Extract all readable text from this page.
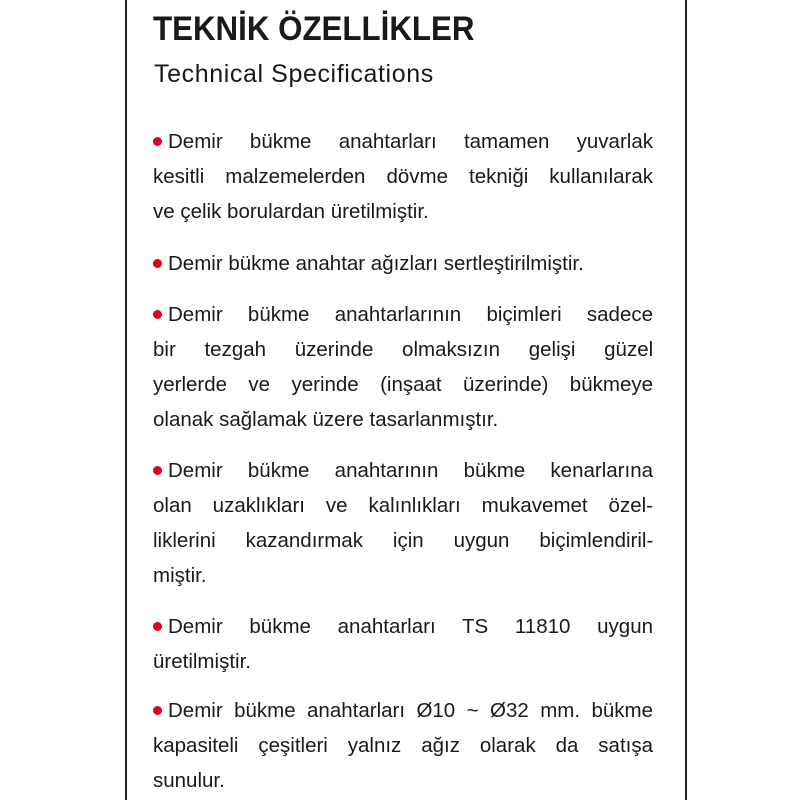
TEKNİK ÖZELLİKLER
Technical Specifications
Demir bükme anahtarları tamamen yuvarlak
kesitli malzemelerden dövme tekniği kullanılarak
ve çelik borulardan üretilmiştir.
Demir bükme anahtar ağızları sertleştirilmiştir.
Demir bükme anahtarlarının biçimleri sadece
bir tezgah üzerinde olmaksızın gelişi güzel
yerlerde ve yerinde (inşaat üzerinde) bükmeye
olanak sağlamak üzere tasarlanmıştır.
Demir bükme anahtarının bükme kenarlarına
olan uzaklıkları ve kalınlıkları mukavemet özel-
liklerini kazandırmak için uygun biçimlendiril-
miştir.
Demir bükme anahtarları TS 11810 uygun
üretilmiştir.
Demir bükme anahtarları Ø10 ~ Ø32 mm. bükme
kapasiteli çeşitleri yalnız ağız olarak da satışa
sunulur.
